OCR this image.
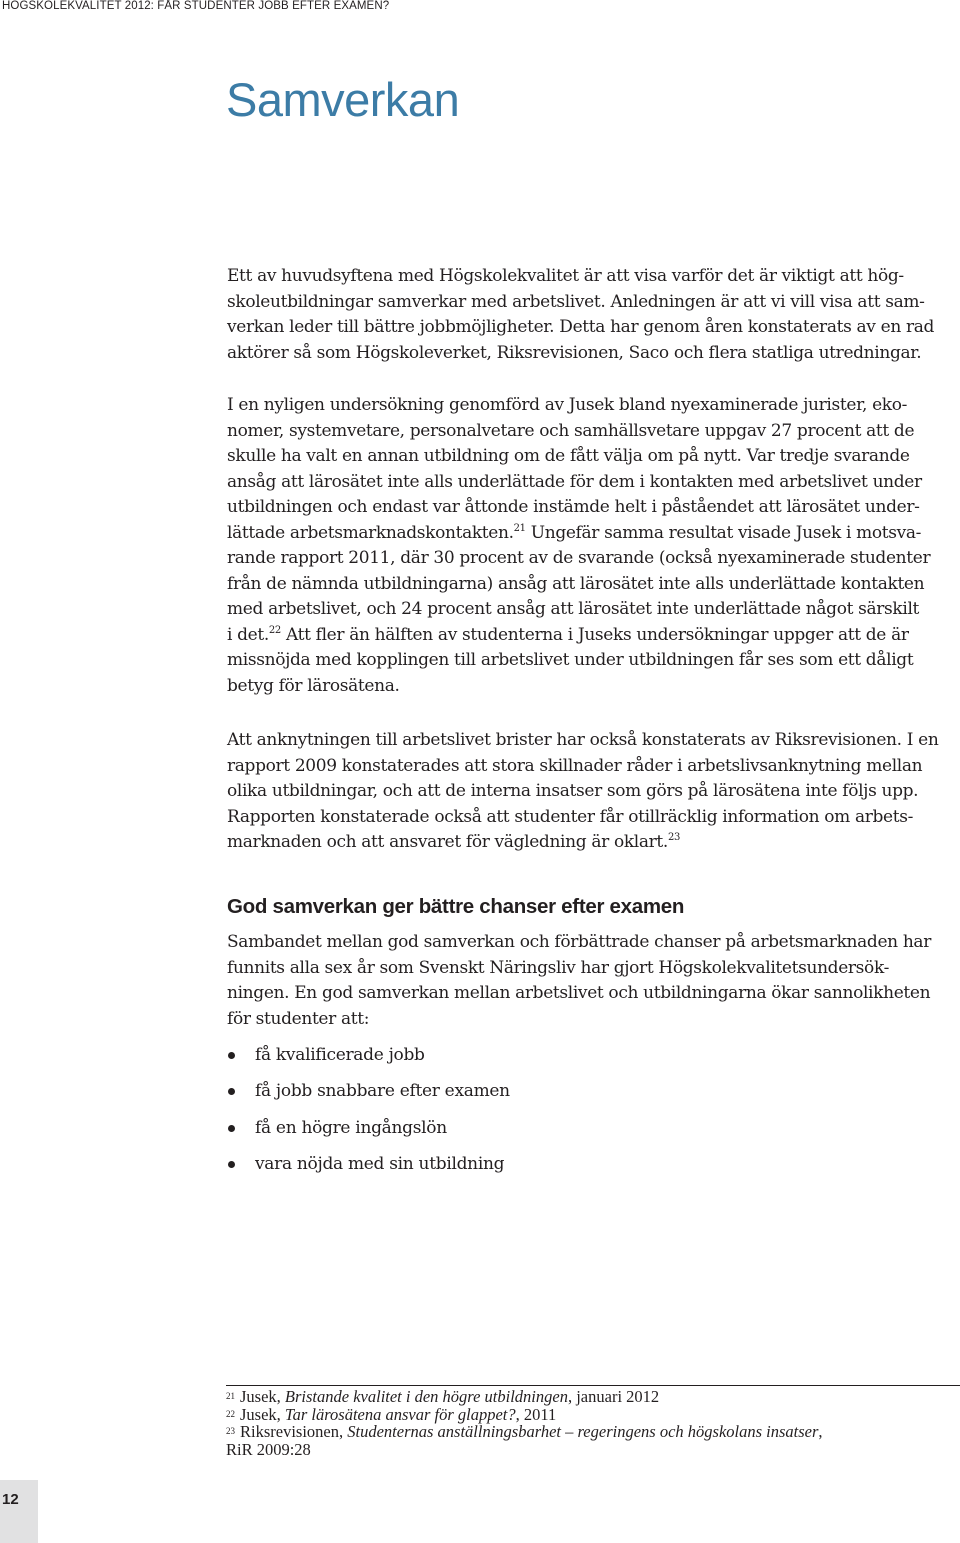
HÖGSKOLEKVALITET 2012: FÅR STUDENTER JOBB EFTER EXAMEN?
Samverkan

Ett av huvudsyftena med Högskolekvalitet är att visa varför det är viktigt att hög-
skoleutbildningar samverkar med arbetslivet. Anledningen är att vi vill visa att sam-
verkan leder till bättre jobbmöjligheter. Detta har genom åren konstaterats av en rad
aktörer så som Högskoleverket, Riksrevisionen, Saco och flera statliga utredningar.

I en nyligen undersökning genomförd av Jusek bland nyexaminerade jurister, eko-
nomer, systemvetare, personalvetare och samhällsvetare uppgav 27 procent att de
skulle ha valt en annan utbildning om de fått välja om på nytt. Var tredje svarande
ansåg att lärosätet inte alls underlättade för dem i kontakten med arbetslivet under
utbildningen och endast var åttonde instämde helt i påståendet att lärosätet under-
lättade arbetsmarknadskontakten.$^{21}$ Ungefär samma resultat visade Jusek i motsva-
rande rapport 2011, där 30 procent av de svarande (också nyexaminerade studenter
från de nämnda utbildningarna) ansåg att lärosätet inte alls underlättade kontakten
med arbetslivet, och 24 procent ansåg att lärosätet inte underlättade något särskilt
i det.$^{22}$ Att fler än hälften av studenterna i Juseks undersökningar uppger att de är
missnöjda med kopplingen till arbetslivet under utbildningen får ses som ett dåligt
betyg för lärosätena.

Att anknytningen till arbetslivet brister har också konstaterats av Riksrevisionen. I en
rapport 2009 konstaterades att stora skillnader råder i arbetslivsanknytning mellan
olika utbildningar, och att de interna insatser som görs på lärosätena inte följs upp.
Rapporten konstaterade också att studenter får otillräcklig information om arbets-
marknaden och att ansvaret för vägledning är oklart.$^{23}$

God samverkan ger bättre chanser efter examen

Sambandet mellan god samverkan och förbättrade chanser på arbetsmarknaden har
funnits alla sex år som Svenskt Näringsliv har gjort Högskolekvalitetsundersök-
ningen. En god samverkan mellan arbetslivet och utbildningarna ökar sannolikheten
för studenter att:

få kvalificerade jobb
få jobb snabbare efter examen
få en högre ingångslön
vara nöjda med sin utbildning
21 Jusek, Bristande kvalitet i den högre utbildningen, januari 2012
22 Jusek, Tar lärosätena ansvar för glappet?, 2011
23 Riksrevisionen, Studenternas anställningsbarhet – regeringens och högskolans insatser,
RiR 2009:28
12
